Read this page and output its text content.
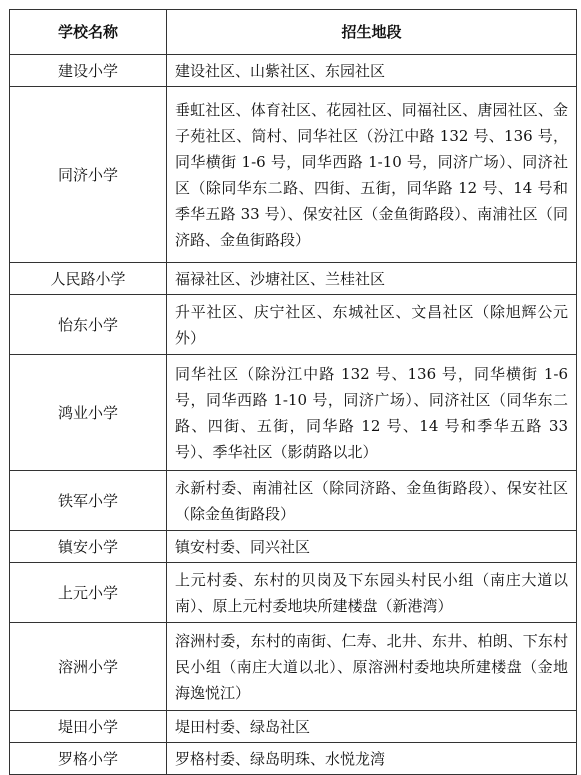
学校名称	招生地段
建设小学	建设社区、山紫社区、东园社区
同济小学	垂虹社区、体育社区、花园社区、同福社区、唐园社区、金子苑社区、筒村、同华社区（汾江中路 132 号、136 号，同华横街 1-6 号，同华西路 1-10 号，同济广场）、同济社区（除同华东二路、四街、五街，同华路 12 号、14 号和季华五路 33 号）、保安社区（金鱼街路段）、南浦社区（同济路、金鱼街路段）
人民路小学	福禄社区、沙塘社区、兰桂社区
怡东小学	升平社区、庆宁社区、东城社区、文昌社区（除旭辉公元外）
鸿业小学	同华社区（除汾江中路 132 号、136 号，同华横街 1-6 号，同华西路 1-10 号，同济广场）、同济社区（同华东二路、四街、五街，同华路 12 号、14 号和季华五路 33 号）、季华社区（影荫路以北）
铁军小学	永新村委、南浦社区（除同济路、金鱼街路段）、保安社区（除金鱼街路段）
镇安小学	镇安村委、同兴社区
上元小学	上元村委、东村的贝岗及下东园头村民小组（南庄大道以南）、原上元村委地块所建楼盘（新港湾）
溶洲小学	溶洲村委，东村的南街、仁寿、北井、东井、柏朗、下东村民小组（南庄大道以北）、原溶洲村委地块所建楼盘（金地海逸悦江）
堤田小学	堤田村委、绿岛社区
罗格小学	罗格村委、绿岛明珠、水悦龙湾
